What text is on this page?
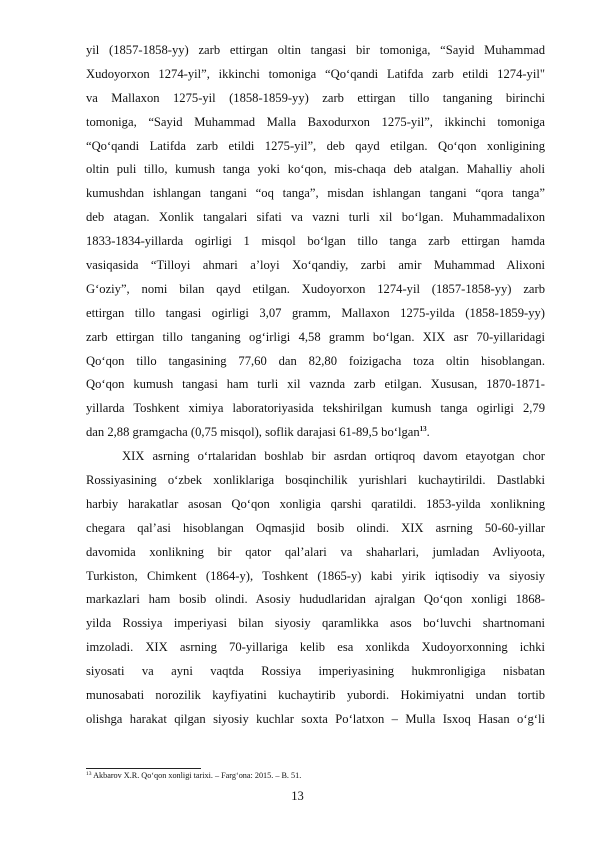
yil (1857-1858-yy) zarb ettirgan oltin tangasi bir tomoniga, “Sayid Muhammad
Xudoyorxon 1274-yil”, ikkinchi tomoniga “Qo‘qandi Latifda zarb etildi 1274-yil"
va Mallaxon 1275-yil (1858-1859-yy) zarb ettirgan tillo tanganing birinchi
tomoniga, “Sayid Muhammad Malla Baxodurxon 1275-yil”, ikkinchi tomoniga
“Qo‘qandi Latifda zarb etildi 1275-yil”, deb qayd etilgan. Qo‘qon xonligining
oltin puli tillo, kumush tanga yoki ko‘qon, mis-chaqa deb atalgan. Mahalliy aholi
kumushdan ishlangan tangani “oq tanga”, misdan ishlangan tangani “qora tanga”
deb atagan. Xonlik tangalari sifati va vazni turli xil bo‘lgan. Muhammadalixon
1833-1834-yillarda ogirligi 1 misqol bo‘lgan tillo tanga zarb ettirgan hamda
vasiqasida “Tilloyi ahmari a’loyi Xo‘qandiy, zarbi amir Muhammad Alixoni
G‘oziy”, nomi bilan qayd etilgan. Xudoyorxon 1274-yil (1857-1858-yy) zarb
ettirgan tillo tangasi ogirligi 3,07 gramm, Mallaxon 1275-yilda (1858-1859-yy)
zarb ettirgan tillo tanganing og‘irligi 4,58 gramm bo‘lgan. XIX asr 70-yillaridagi
Qo‘qon tillo tangasining 77,60 dan 82,80 foizigacha toza oltin hisoblangan.
Qo‘qon kumush tangasi ham turli xil vaznda zarb etilgan. Xususan, 1870-1871-
yillarda Toshkent ximiya laboratoriyasida tekshirilgan kumush tanga ogirligi 2,79
dan 2,88 gramgacha (0,75 misqol), soflik darajasi 61-89,5 bo‘lgan$^{13}$.
XIX asrning o‘rtalaridan boshlab bir asrdan ortiqroq davom etayotgan chor
Rossiyasining o‘zbek xonliklariga bosqinchilik yurishlari kuchaytirildi. Dastlabki
harbiy harakatlar asosan Qo‘qon xonligia qarshi qaratildi. 1853-yilda xonlikning
chegara qal’asi hisoblangan Oqmasjid bosib olindi. XIX asrning 50-60-yillar
davomida xonlikning bir qator qal’alari va shaharlari, jumladan Avliyoota,
Turkiston, Chimkent (1864-y), Toshkent (1865-y) kabi yirik iqtisodiy va siyosiy
markazlari ham bosib olindi. Asosiy hududlaridan ajralgan Qo‘qon xonligi 1868-
yilda Rossiya imperiyasi bilan siyosiy qaramlikka asos bo‘luvchi shartnomani
imzoladi. XIX asrning 70-yillariga kelib esa xonlikda Xudoyorxonning ichki
siyosati va ayni vaqtda Rossiya imperiyasining hukmronligiga nisbatan
munosabati norozilik kayfiyatini kuchaytirib yubordi. Hokimiyatni undan tortib
olishga harakat qilgan siyosiy kuchlar soxta Po‘latxon – Mulla Isxoq Hasan o‘g‘li
$^{13}$ Akbarov X.R. Qo‘qon xonligi tarixi. – Farg‘ona: 2015. – B. 51.
13
